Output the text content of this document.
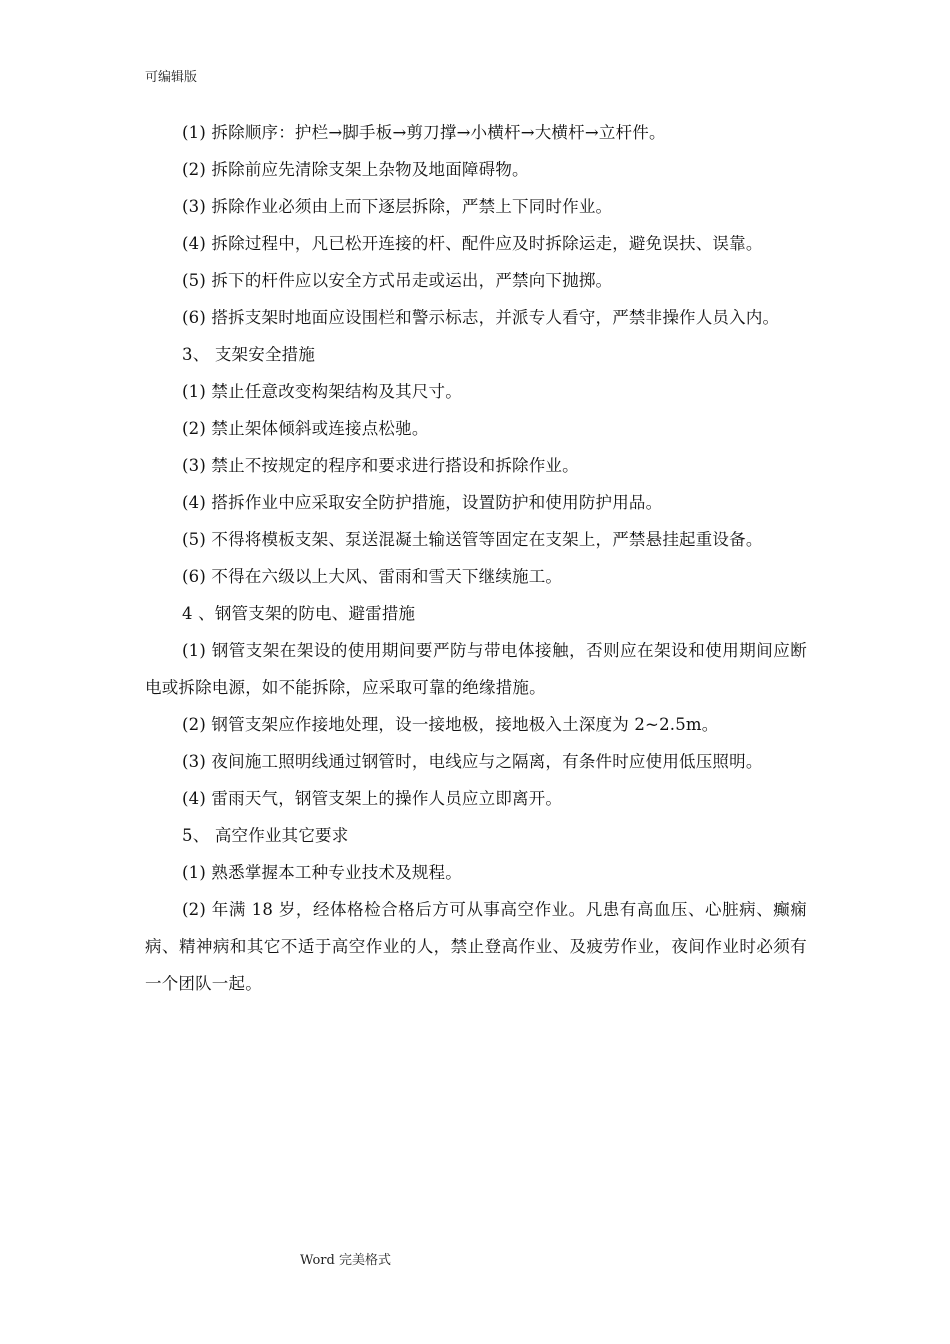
可编辑版

(1) 拆除顺序：护栏→脚手板→剪刀撑→小横杆→大横杆→立杆件。

(2) 拆除前应先清除支架上杂物及地面障碍物。

(3) 拆除作业必须由上而下逐层拆除，严禁上下同时作业。

(4) 拆除过程中，凡已松开连接的杆、配件应及时拆除运走，避免误扶、误靠。

(5) 拆下的杆件应以安全方式吊走或运出，严禁向下抛掷。

(6) 搭拆支架时地面应设围栏和警示标志，并派专人看守，严禁非操作人员入内。

3、 支架安全措施

(1) 禁止任意改变构架结构及其尺寸。

(2) 禁止架体倾斜或连接点松驰。

(3) 禁止不按规定的程序和要求进行搭设和拆除作业。

(4) 搭拆作业中应采取安全防护措施，设置防护和使用防护用品。

(5) 不得将模板支架、泵送混凝土输送管等固定在支架上，严禁悬挂起重设备。

(6) 不得在六级以上大风、雷雨和雪天下继续施工。

4 、钢管支架的防电、避雷措施

(1) 钢管支架在架设的使用期间要严防与带电体接触，否则应在架设和使用期间应断电或拆除电源，如不能拆除，应采取可靠的绝缘措施。

(2) 钢管支架应作接地处理，设一接地极，接地极入土深度为 2~2.5m。

(3) 夜间施工照明线通过钢管时，电线应与之隔离，有条件时应使用低压照明。

(4) 雷雨天气，钢管支架上的操作人员应立即离开。

5、 高空作业其它要求

(1) 熟悉掌握本工种专业技术及规程。

(2) 年满 18 岁，经体格检合格后方可从事高空作业。凡患有高血压、心脏病、癫痫病、精神病和其它不适于高空作业的人，禁止登高作业、及疲劳作业，夜间作业时必须有一个团队一起。

Word 完美格式
